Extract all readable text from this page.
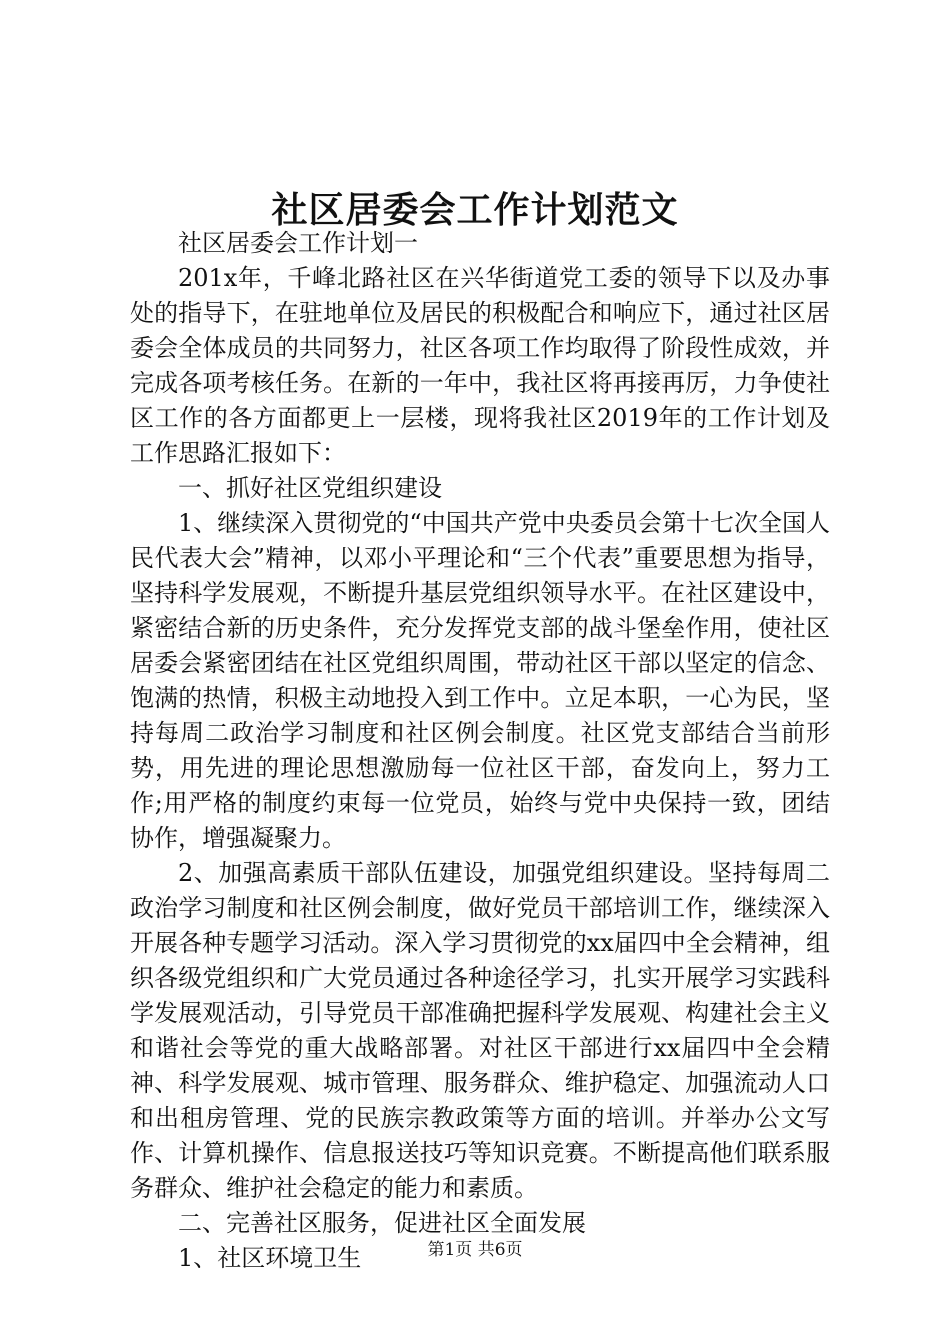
社区居委会工作计划范文

社区居委会工作计划一

201x年，千峰北路社区在兴华街道党工委的领导下以及办事处的指导下，在驻地单位及居民的积极配合和响应下，通过社区居委会全体成员的共同努力，社区各项工作均取得了阶段性成效，并完成各项考核任务。在新的一年中，我社区将再接再厉，力争使社区工作的各方面都更上一层楼，现将我社区2019年的工作计划及工作思路汇报如下：

一、抓好社区党组织建设

1、继续深入贯彻党的“中国共产党中央委员会第十七次全国人民代表大会”精神，以邓小平理论和“三个代表”重要思想为指导，坚持科学发展观，不断提升基层党组织领导水平。在社区建设中，紧密结合新的历史条件，充分发挥党支部的战斗堡垒作用，使社区居委会紧密团结在社区党组织周围，带动社区干部以坚定的信念、饱满的热情，积极主动地投入到工作中。立足本职，一心为民，坚持每周二政治学习制度和社区例会制度。社区党支部结合当前形势，用先进的理论思想激励每一位社区干部，奋发向上，努力工作;用严格的制度约束每一位党员，始终与党中央保持一致，团结协作，增强凝聚力。

2、加强高素质干部队伍建设，加强党组织建设。坚持每周二政治学习制度和社区例会制度，做好党员干部培训工作，继续深入开展各种专题学习活动。深入学习贯彻党的xx届四中全会精神，组织各级党组织和广大党员通过各种途径学习，扎实开展学习实践科学发展观活动，引导党员干部准确把握科学发展观、构建社会主义和谐社会等党的重大战略部署。对社区干部进行xx届四中全会精神、科学发展观、城市管理、服务群众、维护稳定、加强流动人口和出租房管理、党的民族宗教政策等方面的培训。并举办公文写作、计算机操作、信息报送技巧等知识竞赛。不断提高他们联系服务群众、维护社会稳定的能力和素质。

二、完善社区服务，促进社区全面发展

1、社区环境卫生	第1页 共6页
